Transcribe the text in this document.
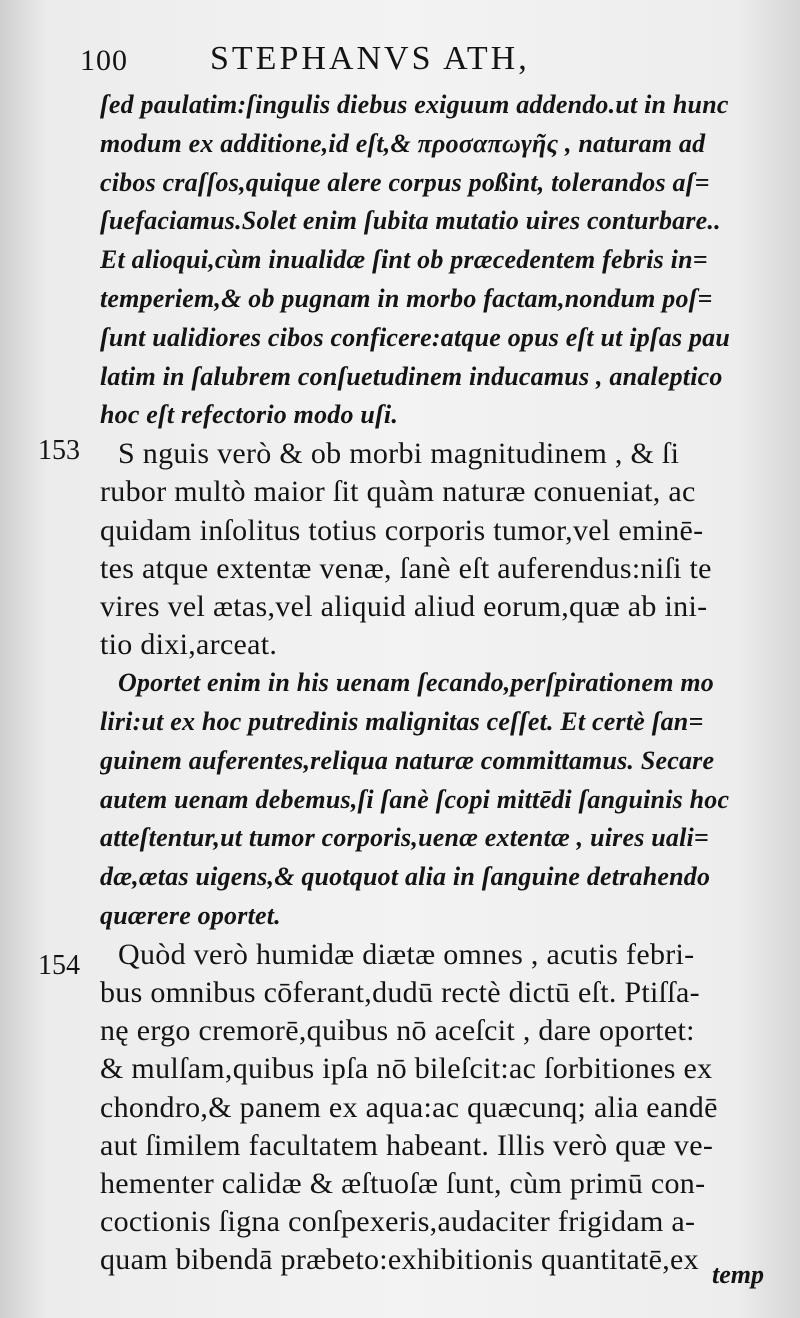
100 STEPHANVS ATH,
ſed paulatim:ſingulis diebus exiguum addendo.ut in hunc
modum ex additione,id eſt,& προσαπωγῆς , naturam ad
cibos craſſos,quique alere corpus poßint, tolerandos aſ=
ſuefaciamus.Solet enim ſubita mutatio uires conturbare..
Et alioqui,cùm inualidæ ſint ob præcedentem febris in=
temperiem,& ob pugnam in morbo factam,nondum poſ=
ſunt ualidiores cibos conficere:atque opus eſt ut ipſas pau
latim in ſalubrem conſuetudinem inducamus , analeptico
hoc eſt refectorio modo uſi.
153	S nguis verò & ob morbi magnitudinem , & ſi
rubor multò maior ſit quàm naturæ conueniat, ac
quidam inſolitus totius corporis tumor,vel eminē-
tes atque extentæ venæ, ſanè eſt auferendus:niſi te
vires vel ætas,vel aliquid aliud eorum,quæ ab ini-
tio dixi,arceat.
Oportet enim in his uenam ſecando,perſpirationem mo
liri:ut ex hoc putredinis malignitas ceſſet. Et certè ſan=
guinem auferentes,reliqua naturæ committamus. Secare
autem uenam debemus,ſi ſanè ſcopi mittēdi ſanguinis hoc
atteſtentur,ut tumor corporis,uenæ extentæ , uires uali=
dæ,ætas uigens,& quotquot alia in ſanguine detrahendo
quærere oportet.
154	Quòd verò humidæ diætæ omnes , acutis febri-
bus omnibus cōferant,dudū rectè dictū eſt. Ptiſſa-
nę ergo cremorē,quibus nō aceſcit , dare oportet:
& mulſam,quibus ipſa nō bileſcit:ac ſorbitiones ex
chondro,& panem ex aqua:ac quæcunq; alia eandē
aut ſimilem facultatem habeant. Illis verò quæ ve-
hementer calidæ & æſtuoſæ ſunt, cùm primū con-
coctionis ſigna conſpexeris,audaciter frigidam a-
quam bibendā præbeto:exhibitionis quantitatē,ex temp
